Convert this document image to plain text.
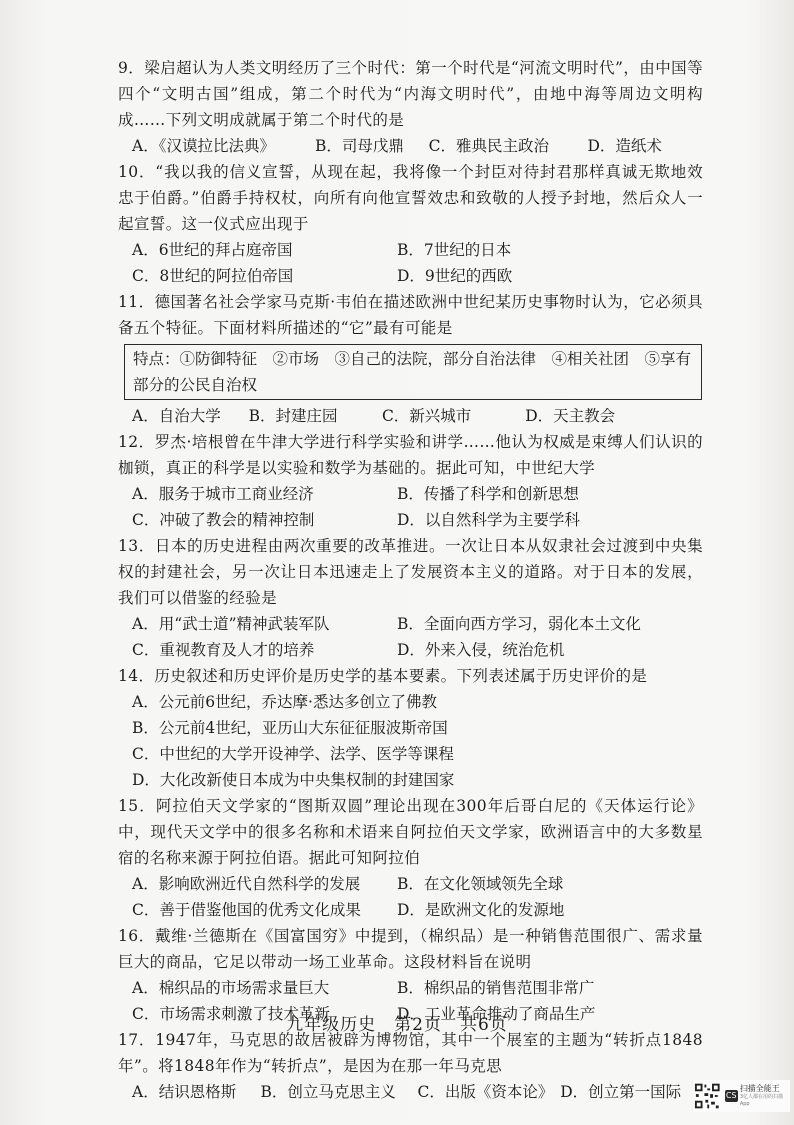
9．梁启超认为人类文明经历了三个时代：第一个时代是“河流文明时代”，由中国等四个“文明古国”组成，第二个时代为“内海文明时代”，由地中海等周边文明构成……下列文明成就属于第二个时代的是

A．《汉谟拉比法典》	B．司母戊鼎	C．雅典民主政治	D．造纸术

10．“我以我的信义宣誓，从现在起，我将像一个封臣对待封君那样真诚无欺地效忠于伯爵。”伯爵手持权杖，向所有向他宣誓效忠和致敬的人授予封地，然后众人一起宣誓。这一仪式应出现于

A．6世纪的拜占庭帝国	B．7世纪的日本
C．8世纪的阿拉伯帝国	D．9世纪的西欧

11．德国著名社会学家马克斯·韦伯在描述欧洲中世纪某历史事物时认为，它必须具备五个特征。下面材料所描述的“它”最有可能是

特点：①防御特征　②市场　③自己的法院，部分自治法律　④相关社团　⑤享有部分的公民自治权
A．自治大学	B．封建庄园	C．新兴城市	D．天主教会

12．罗杰·培根曾在牛津大学进行科学实验和讲学……他认为权威是束缚人们认识的枷锁，真正的科学是以实验和数学为基础的。据此可知，中世纪大学

A．服务于城市工商业经济	B．传播了科学和创新思想
C．冲破了教会的精神控制	D．以自然科学为主要学科

13．日本的历史进程由两次重要的改革推进。一次让日本从奴隶社会过渡到中央集权的封建社会，另一次让日本迅速走上了发展资本主义的道路。对于日本的发展，我们可以借鉴的经验是

A．用“武士道”精神武装军队	B．全面向西方学习，弱化本土文化
C．重视教育及人才的培养	D．外来入侵，统治危机

14．历史叙述和历史评价是历史学的基本要素。下列表述属于历史评价的是

A．公元前6世纪，乔达摩·悉达多创立了佛教
B．公元前4世纪，亚历山大东征征服波斯帝国
C．中世纪的大学开设神学、法学、医学等课程
D．大化改新使日本成为中央集权制的封建国家

15．阿拉伯天文学家的“图斯双圆”理论出现在300年后哥白尼的《天体运行论》中，现代天文学中的很多名称和术语来自阿拉伯天文学家，欧洲语言中的大多数星宿的名称来源于阿拉伯语。据此可知阿拉伯

A．影响欧洲近代自然科学的发展	B．在文化领域领先全球
C．善于借鉴他国的优秀文化成果	D．是欧洲文化的发源地

16．戴维·兰德斯在《国富国穷》中提到，（棉织品）是一种销售范围很广、需求量巨大的商品，它足以带动一场工业革命。这段材料旨在说明

A．棉织品的市场需求量巨大	B．棉织品的销售范围非常广
C．市场需求刺激了技术革新	D．工业革命推动了商品生产

17．1947年，马克思的故居被辟为博物馆，其中一个展室的主题为“转折点1848年”。将1848年作为“转折点”，是因为在那一年马克思

A．结识恩格斯	B．创立马克思主义	C．出版《资本论》 D．创立第一国际
九年级历史　第2页　共6页
CS
扫描全能王
3亿人都在用的扫描App
